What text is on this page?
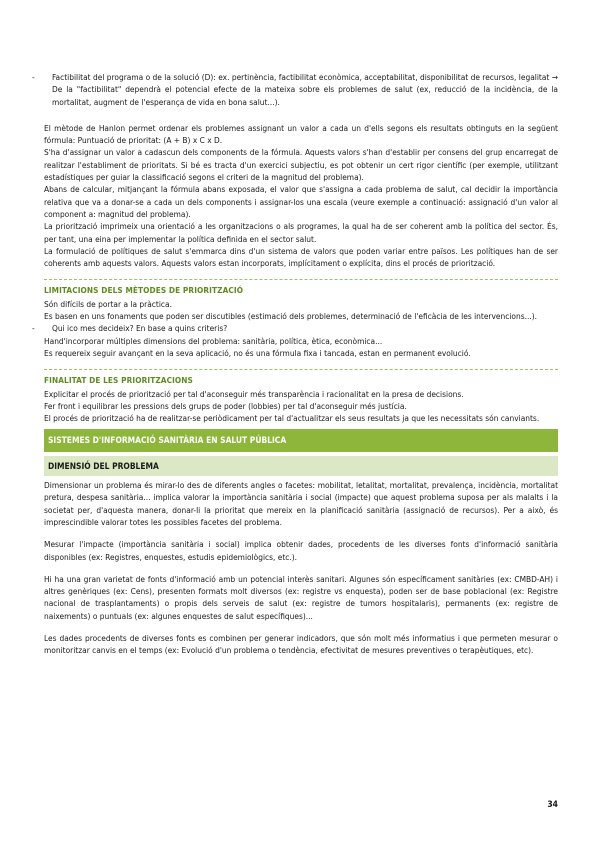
- Factibilitat del programa o de la solució (D): ex. pertinència, factibilitat econòmica, acceptabilitat, disponibilitat de recursos, legalitat → De la "factibilitat" dependrà el potencial efecte de la mateixa sobre els problemes de salut (ex, reducció de la incidència, de la mortalitat, augment de l'esperança de vida en bona salut...).

El mètode de Hanlon permet ordenar els problemes assignant un valor a cada un d'ells segons els resultats obtinguts en la següent fórmula: Puntuació de prioritat: (A + B) x C x D.

S'ha d'assignar un valor a cadascun dels components de la fórmula. Aquests valors s'han d'establir per consens del grup encarregat de realitzar l'establiment de prioritats. Si bé es tracta d'un exercici subjectiu, es pot obtenir un cert rigor científic (per exemple, utilitzant estadístiques per guiar la classificació segons el criteri de la magnitud del problema).

Abans de calcular, mitjançant la fórmula abans exposada, el valor que s'assigna a cada problema de salut, cal decidir la importància relativa que va a donar-se a cada un dels components i assignar-los una escala (veure exemple a continuació: assignació d'un valor al component a: magnitud del problema).

La priorització imprimeix una orientació a les organitzacions o als programes, la qual ha de ser coherent amb la política del sector. És, per tant, una eina per implementar la política definida en el sector salut.

La formulació de polítiques de salut s'emmarca dins d'un sistema de valors que poden variar entre països. Les polítiques han de ser coherents amb aquests valors. Aquests valors estan incorporats, implícitament o explícita, dins el procés de priorització.

LIMITACIONS DELS MÈTODES DE PRIORITZACIÓ

Són difícils de portar a la pràctica.

Es basen en uns fonaments que poden ser discutibles (estimació dels problemes, determinació de l'eficàcia de les intervencions...).

- Qui ico mes decideix? En base a quins criteris?

Hand'incorporar múltiples dimensions del problema: sanitària, política, ètica, econòmica...

Es requereix seguir avançant en la seva aplicació, no és una fórmula fixa i tancada, estan en permanent evolució.

FINALITAT DE LES PRIORITZACIONS

Explicitar el procés de priorització per tal d'aconseguir més transparència i racionalitat en la presa de decisions.

Fer front i equilibrar les pressions dels grups de poder (lobbies) per tal d'aconseguir més justícia.

El procés de priorització ha de realitzar-se periòdicament per tal d'actualitzar els seus resultats ja que les necessitats són canviants.

SISTEMES D'INFORMACIÓ SANITÀRIA EN SALUT PÚBLICA
DIMENSIÓ DEL PROBLEMA

Dimensionar un problema és mirar-lo des de diferents angles o facetes: mobilitat, letalitat, mortalitat, prevalença, incidència, mortalitat pretura, despesa sanitària... implica valorar la importància sanitària i social (impacte) que aquest problema suposa per als malalts i la societat per, d'aquesta manera, donar-li la prioritat que mereix en la planificació sanitària (assignació de recursos). Per a això, és imprescindible valorar totes les possibles facetes del problema.

Mesurar l'impacte (importància sanitària i social) implica obtenir dades, procedents de les diverses fonts d'informació sanitària disponibles (ex: Registres, enquestes, estudis epidemiològics, etc.).

Hi ha una gran varietat de fonts d'informació amb un potencial interès sanitari. Algunes són específicament sanitàries (ex: CMBD-AH) i altres genèriques (ex: Cens), presenten formats molt diversos (ex: registre vs enquesta), poden ser de base poblacional (ex: Registre nacional de trasplantaments) o propis dels serveis de salut (ex: registre de tumors hospitalaris), permanents (ex: registre de naixements) o puntuals (ex: algunes enquestes de salut específiques)...

Les dades procedents de diverses fonts es combinen per generar indicadors, que són molt més informatius i que permeten mesurar o monitoritzar canvis en el temps (ex: Evolució d'un problema o tendència, efectivitat de mesures preventives o terapèutiques, etc).

34
